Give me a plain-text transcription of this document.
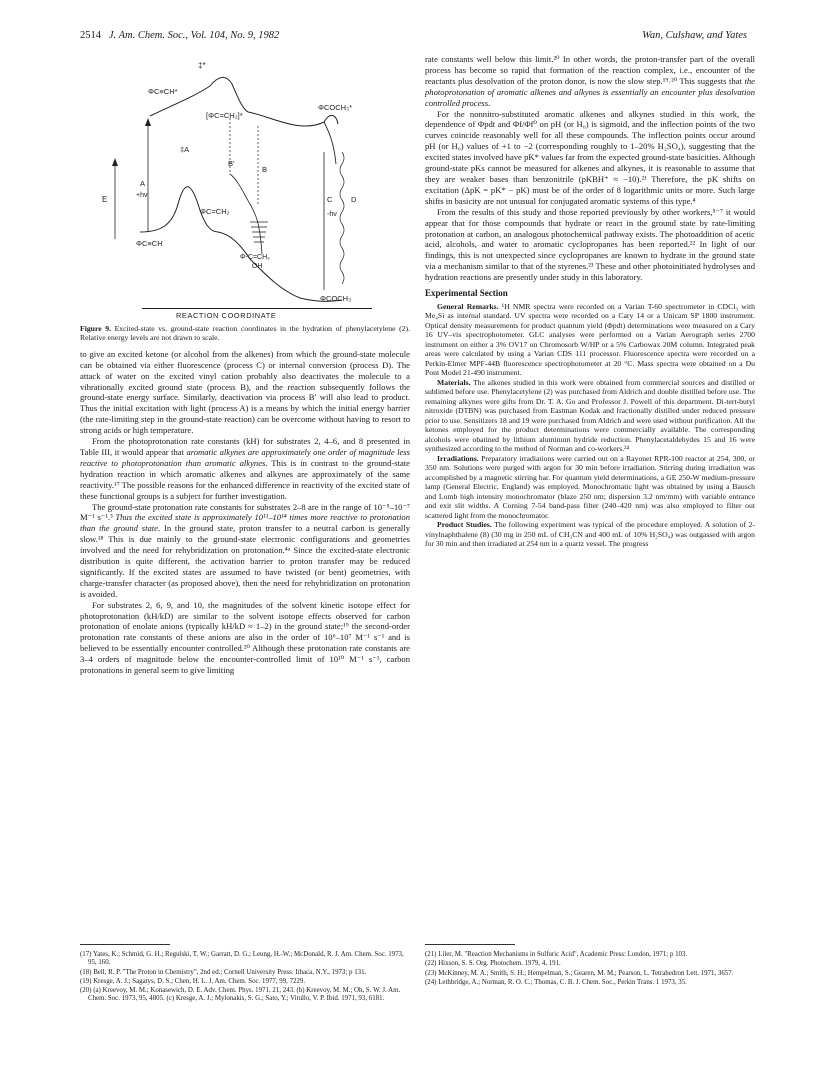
2514 J. Am. Chem. Soc., Vol. 104, No. 9, 1982	Wan, Culshaw, and Yates
E
‡*
ΦC≡CH*
[ΦC=CH₂]*
ΦCOCH₃*
‡A
B′
B
A
+hν
ΦC=CH₂
C D
-hν
Φ-C=CH₂
OH
ΦC≡CH
ΦCOCH₃
REACTION COORDINATE
Figure 9. Excited-state vs. ground-state reaction coordinates in the hydration of phenylacetylene (2). Relative energy levels are not drawn to scale.

to give an excited ketone (or alcohol from the alkenes) from which the ground-state molecule can be obtained via either fluorescence (process C) or internal conversion (process D). The attack of water on the excited vinyl cation probably also deactivates the molecule to a vibrationally excited ground state (process B), and the reaction subsequently follows the ground-state energy surface. Similarly, deactivation via process B′ will also lead to product. Thus the initial excitation with light (process A) is a means by which the initial energy barrier (the rate-limiting step in the ground-state reaction) can be overcome without having to resort to strong acids or high temperature.

From the photoprotonation rate constants (kH) for substrates 2, 4–6, and 8 presented in Table III, it would appear that aromatic alkynes are approximately one order of magnitude less reactive to photoprotonation than aromatic alkynes. This is in contrast to the ground-state hydration reaction in which aromatic alkenes and alkynes are approximately of the same reactivity.¹⁷ The possible reasons for the enhanced difference in reactivity of the excited state of these functional groups is a subject for further investigation.

The ground-state protonation rate constants for substrates 2–8 are in the range of 10⁻⁵–10⁻⁷ M⁻¹ s⁻¹.³ Thus the excited state is approximately 10¹¹–10¹⁴ times more reactive to protonation than the ground state. In the ground state, proton transfer to a neutral carbon is generally slow.¹⁸ This is due mainly to the ground-state electronic configurations and geometries involved and the need for rehybridization on protonation.⁴ᵃ Since the excited-state electronic distribution is quite different, the activation barrier to proton transfer may be reduced significantly. If the excited states are assumed to have twisted (or bent) geometries, with charge-transfer character (as proposed above), then the need for rehybridization on protonation is avoided.

For substrates 2, 6, 9, and 10, the magnitudes of the solvent kinetic isotope effect for photoprotonation (kH/kD) are similar to the solvent isotope effects observed for carbon protonation of enolate anions (typically kH/kD ≈ 1–2) in the ground state;¹⁹ the second-order protonation rate constants of these anions are also in the order of 10⁶–10⁷ M⁻¹ s⁻¹ and is believed to be essentially encounter controlled.²⁰ Although these protonation rate constants are 3–4 orders of magnitude below the encounter-controlled limit of 10¹⁰ M⁻¹ s⁻¹, carbon protonations in general seem to give limiting

rate constants well below this limit.²⁰ In other words, the proton-transfer part of the overall process has become so rapid that formation of the reaction complex, i.e., encounter of the reactants plus desolvation of the proton donor, is now the slow step.¹⁹˒²⁰ This suggests that the photoprotonation of aromatic alkenes and alkynes is essentially an encounter plus desolvation controlled process.

For the nonnitro-substituted aromatic alkenes and alkynes studied in this work, the dependence of Φpdt and Φf/Φf⁰ on pH (or H₀) is sigmoid, and the inflection points of the two curves coincide reasonably well for all these compounds. The inflection points occur around pH (or H₀) values of +1 to −2 (corresponding roughly to 1–20% H₂SO₄), suggesting that the excited states involved have pK* values far from the expected ground-state basicities. Although ground-state pKs cannot be measured for alkenes and alkynes, it is reasonable to assume that they are weaker bases than benzonitrile (pKBH⁺ ≈ −10).²¹ Therefore, the pK shifts on excitation (ΔpK = pK* − pK) must be of the order of 8 logarithmic units or more. Such large shifts in basicity are not unusual for conjugated aromatic systems of this type.⁴

From the results of this study and those reported previously by other workers,⁵⁻⁷ it would appear that for those compounds that hydrate or react in the ground state by rate-limiting protonation at carbon, an analogous photochemical pathway exists. The photoaddition of acetic acid, alcohols, and water to aromatic cyclopropanes has been reported.²² In light of our findings, this is not unexpected since cyclopropanes are known to hydrate in the ground state via a mechanism similar to that of the styrenes.²³ These and other photoinitiated hydrolyses and hydration reactions are presently under study in this laboratory.

Experimental Section

General Remarks. ¹H NMR spectra were recorded on a Varian T-60 spectrometer in CDCl₃ with Me₄Si as internal standard. UV spectra were recorded on a Cary 14 or a Unicam SP 1800 instrument. Optical density measurements for product quantum yield (Φpdt) determinations were measured on a Cary 16 UV–vis spectrophotometer. GLC analyses were performed on a Varian Aerograph series 2700 instrument on either a 3% OV17 on Chromosorb W/HP or a 5% Carbowax 20M column. Integrated peak areas were calculated by using a Varian CDS 111 processor. Fluorescence spectra were recorded on a Perkin-Elmer MPF-44B fluorescence spectrophotometer at 20 °C. Mass spectra were obtained on a Du Pont Model 21-490 instrument.

Materials. The alkenes studied in this work were obtained from commercial sources and distilled or sublimed before use. Phenylacetylene (2) was purchased from Aldrich and double distilled before use. The remaining alkynes were gifts from Dr. T. A. Go and Professor J. Powell of this department. Di-tert-butyl nitroxide (DTBN) was purchased from Eastman Kodak and fractionally distilled under reduced pressure prior to use. Sensitizers 18 and 19 were purchased from Aldrich and were used without purification. All the ketones employed for the product determinations were commercially available. The corresponding alcohols were obatined by lithium aluminum hydride reduction. Phenylacetaldehydes 15 and 16 were synthesized according to the method of Norman and co-workers.²⁴

Irradiations. Preparatory irradiations were carried out on a Rayonet RPR-100 reactor at 254, 300, or 350 nm. Solutions were purged with argon for 30 min before irradiation. Stirring during irradiation was accomplished by a magnetic stirring bar. For quantum yield determinations, a GE 250-W medium-pressure lamp (General Electric, England) was employed. Monochromatic light was obtained by using a Bausch and Lomb high intensity monochromator (blaze 250 nm; dispersion 3.2 nm/mm) with variable entrance and exit slit widths. A Corning 7-54 band-pass filter (240–420 nm) was also employed to filter out scattered light from the monochromator.

Product Studies. The following experiment was typical of the procedure employed. A solution of 2-vinylnaphthalene (8) (30 mg in 250 mL of CH₃CN and 400 mL of 10% H₂SO₄) was outgassed with argon for 30 min and then irradiated at 254 nm in a quartz vessel. The progress

(17) Yates, K.; Schmid, G. H.; Regulski, T. W.; Garratt, D. G.; Leung, H.-W.; McDonald, R. J. Am. Chem. Soc. 1973, 95, 160.

(18) Bell, R. P. "The Proton in Chemistry", 2nd ed.; Cornell University Press: Ithaca, N.Y., 1973; p 131.

(19) Kresge, A. J.; Sagatys, D. S.; Chen, H. L. J. Am. Chem. Soc. 1977, 99, 7229.

(20) (a) Kreevoy, M. M.; Konasewich, D. E. Adv. Chem. Phys. 1971, 21, 243. (b) Kreevoy, M. M.; Oh, S. W. J. Am. Chem. Soc. 1973, 95, 4805. (c) Kresge, A. J.; Mylonakis, S. G.; Sato, Y.; Vitullo, V. P. Ibid. 1971, 93, 6181.

(21) Liler, M. "Reaction Mechanisms in Sulfuric Acid", Academic Press: London, 1971; p 103.

(22) Hixson, S. S. Org. Photochem. 1979, 4, 191.

(23) McKinney, M. A.; Smith, S. H.; Hempelman, S.; Gearen, M. M.; Pearson, L. Tetrahedron Lett. 1971, 3657.

(24) Lethbridge, A.; Norman, R. O. C.; Thomas, C. B. J. Chem. Soc., Perkin Trans. 1 1973, 35.
